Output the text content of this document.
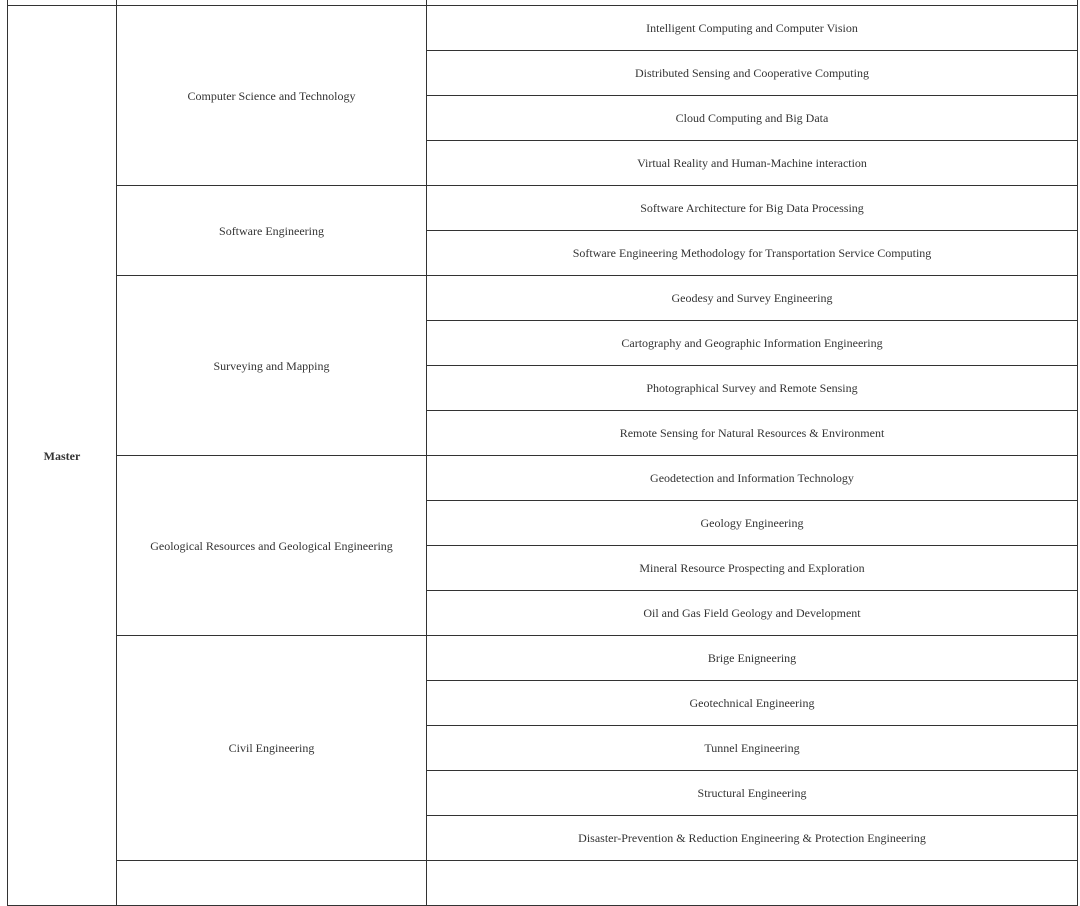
Master	Computer Science and Technology	Intelligent Computing and Computer Vision
		Distributed Sensing and Cooperative Computing
		Cloud Computing and Big Data
		Virtual Reality and Human-Machine interaction
	Software Engineering	Software Architecture for Big Data Processing
		Software Engineering Methodology for Transportation Service Computing
	Surveying and Mapping	Geodesy and Survey Engineering
		Cartography and Geographic Information Engineering
		Photographical Survey and Remote Sensing
		Remote Sensing for Natural Resources & Environment
	Geological Resources and Geological Engineering	Geodetection and Information Technology
		Geology Engineering
		Mineral Resource Prospecting and Exploration
		Oil and Gas Field Geology and Development
	Civil Engineering	Brige Enigneering
		Geotechnical Engineering
		Tunnel Engineering
		Structural Engineering
		Disaster-Prevention & Reduction Engineering & Protection Engineering
